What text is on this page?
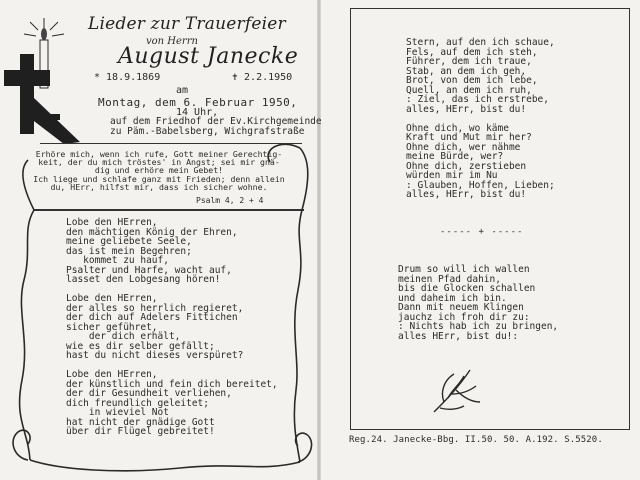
Lieder zur Trauerfeier
von Herrn
August Janecke
* 18.9.1869	✝ 2.2.1950
am
Montag, dem 6. Februar 1950,
14 Uhr,
auf dem Friedhof der Ev.Kirchgemeinde
zu Päm.-Babelsberg, Wichgrafstraße
Erhöre mich, wenn ich rufe, Gott meiner Gerechtig-
keit, der du mich tröstes' in Angst; sei mir gnä-
dig und erhöre mein Gebet!
Ich liege und schlafe ganz mit Frieden; denn allein
du, HErr, hilfst mir, dass ich sicher wohne.
Psalm 4, 2 + 4
Lobe den HErren,
den mächtigen König der Ehren,
meine geliebete Seele,
das ist mein Begehren;
kommet zu hauf,
Psalter und Harfe, wacht auf,
lasset den Lobgesang hören!

Lobe den HErren,
der alles so herrlich regieret,
der dich auf Adelers Fittichen
sicher geführet,
der dich erhält,
wie es dir selber gefällt;
hast du nicht dieses verspüret?

Lobe den HErren,
der künstlich und fein dich bereitet,
der dir Gesundheit verliehen,
dich freundlich geleitet;
in wieviel Not
hat nicht der gnädige Gott
über dir Flügel gebreitet!
Stern, auf den ich schaue,
Fels, auf dem ich steh,
Führer, dem ich traue,
Stab, an dem ich geh,
Brot, von dem ich lebe,
Quell, an dem ich ruh,
: Ziel, das ich erstrebe,
alles, HErr, bist du!

Ohne dich, wo käme
Kraft und Mut mir her?
Ohne dich, wer nähme
meine Bürde, wer?
Ohne dich, zerstieben
würden mir im Nu
: Glauben, Hoffen, Lieben;
alles, HErr, bist du!
----- + -----
Drum so will ich wallen
meinen Pfad dahin,
bis die Glocken schallen
und daheim ich bin.
Dann mit neuem Klingen
jauchz ich froh dir zu:
: Nichts hab ich zu bringen,
alles HErr, bist du!:
Reg.24. Janecke-Bbg. II.50. 50. A.192. S.5520.
